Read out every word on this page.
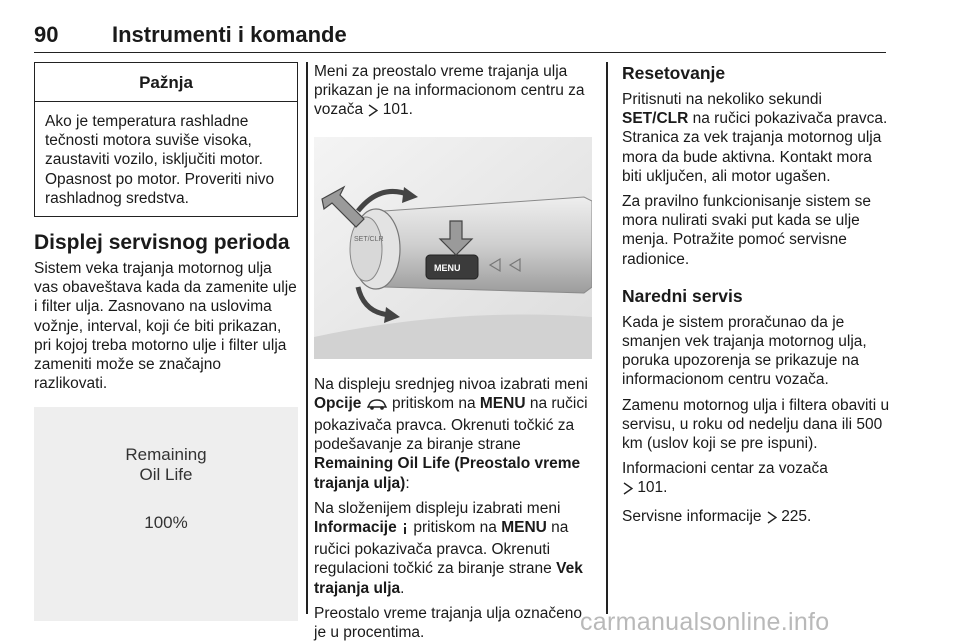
90 Instrumenti i komande
Pažnja
Ako je temperatura rashladne tečnosti motora suviše visoka, zaustaviti vozilo, isključiti motor. Opasnost po motor. Proveriti nivo rashladnog sredstva.
Displej servisnog perioda

Sistem veka trajanja motornog ulja vas obaveštava kada da zamenite ulje i filter ulja. Zasnovano na uslovima vožnje, interval, koji će biti prikazan, pri kojoj treba motorno ulje i filter ulja zameniti može se značajno razlikovati.

Remaining
Oil Life
100%

Meni za preostalo vreme trajanja ulja prikazan je na informacionom centru za vozača 101.

SET/CLR
MENU

Na displeju srednjeg nivoa izabrati meni Opcije pritiskom na MENU na ručici pokazivača pravca. Okrenuti točkić za podešavanje za biranje strane Remaining Oil Life (Preostalo vreme trajanja ulja):

Na složenijem displeju izabrati meni Informacije pritiskom na MENU na ručici pokazivača pravca. Okrenuti regulacioni točkić za biranje strane Vek trajanja ulja.

Preostalo vreme trajanja ulja označeno je u procentima.

Resetovanje

Pritisnuti na nekoliko sekundi SET/CLR na ručici pokazivača pravca. Stranica za vek trajanja motornog ulja mora da bude aktivna. Kontakt mora biti uključen, ali motor ugašen.

Za pravilno funkcionisanje sistem se mora nulirati svaki put kada se ulje menja. Potražite pomoć servisne radionice.

Naredni servis

Kada je sistem proračunao da je smanjen vek trajanja motornog ulja, poruka upozorenja se prikazuje na informacionom centru vozača.

Zamenu motornog ulja i filtera obaviti u servisu, u roku od nedelju dana ili 500 km (uslov koji se pre ispuni).

Informacioni centar za vozača
101.

Servisne informacije 225.

carmanualsonline.info
